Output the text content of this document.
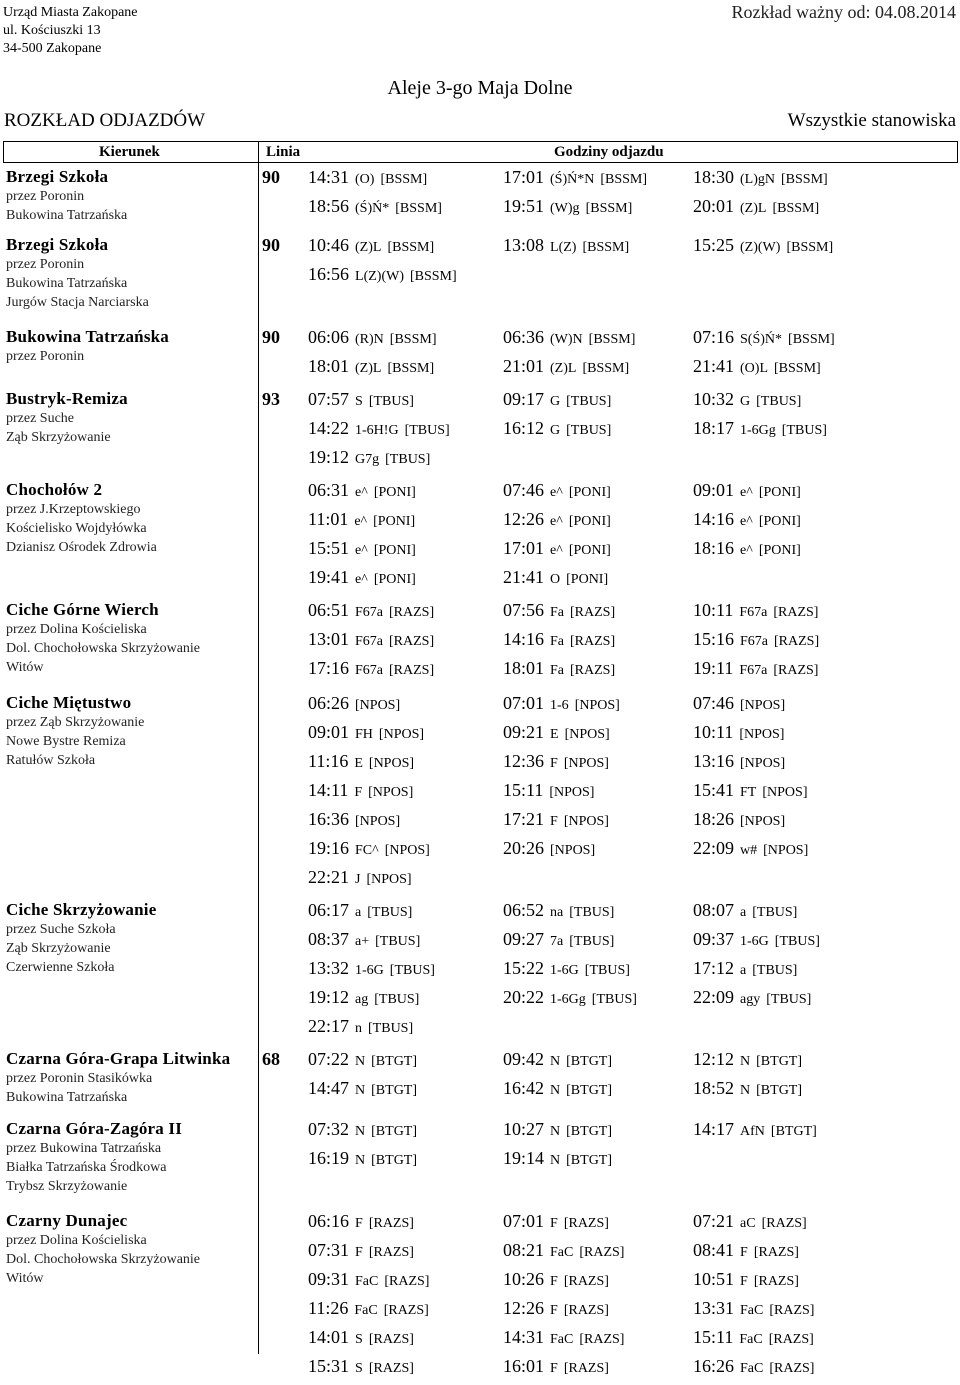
Urząd Miasta Zakopane
ul. Kościuszki 13
34-500 Zakopane
Rozkład ważny od: 04.08.2014
Aleje 3-go Maja Dolne
ROZKŁAD ODJAZDÓW	Wszystkie stanowiska
Kierunek	Linia	Godziny odjazdu
Brzegi Szkoła
przez Poronin
Bukowina Tatrzańska
90 14:31 (O) [BSSM]	17:01 (Ś)Ń*N [BSSM]	18:30 (L)gN [BSSM]
18:56 (Ś)Ń* [BSSM]	19:51 (W)g [BSSM]	20:01 (Z)L [BSSM]
Brzegi Szkoła
przez Poronin
Bukowina Tatrzańska
Jurgów Stacja Narciarska
90 10:46 (Z)L [BSSM]	13:08 L(Z) [BSSM]	15:25 (Z)(W) [BSSM]
16:56 L(Z)(W) [BSSM]
Bukowina Tatrzańska
przez Poronin
90 06:06 (R)N [BSSM]	06:36 (W)N [BSSM]	07:16 S(Ś)Ń* [BSSM]
18:01 (Z)L [BSSM]	21:01 (Z)L [BSSM]	21:41 (O)L [BSSM]
Bustryk-Remiza
przez Suche
Ząb Skrzyżowanie
93 07:57 S [TBUS]	09:17 G [TBUS]	10:32 G [TBUS]
14:22 1-6H!G [TBUS]	16:12 G [TBUS]	18:17 1-6Gg [TBUS]
19:12 G7g [TBUS]
Chochołów 2
przez J.Krzeptowskiego
Kościelisko Wojdyłówka
Dzianisz Ośrodek Zdrowia
06:31 e^ [PONI]	07:46 e^ [PONI]	09:01 e^ [PONI]
11:01 e^ [PONI]	12:26 e^ [PONI]	14:16 e^ [PONI]
15:51 e^ [PONI]	17:01 e^ [PONI]	18:16 e^ [PONI]
19:41 e^ [PONI]	21:41 O [PONI]
Ciche Górne Wierch
przez Dolina Kościeliska
Dol. Chochołowska Skrzyżowanie
Witów
06:51 F67a [RAZS]	07:56 Fa [RAZS]	10:11 F67a [RAZS]
13:01 F67a [RAZS]	14:16 Fa [RAZS]	15:16 F67a [RAZS]
17:16 F67a [RAZS]	18:01 Fa [RAZS]	19:11 F67a [RAZS]
Ciche Miętustwo
przez Ząb Skrzyżowanie
Nowe Bystre Remiza
Ratułów Szkoła
06:26 [NPOS]	07:01 1-6 [NPOS]	07:46 [NPOS]
09:01 FH [NPOS]	09:21 E [NPOS]	10:11 [NPOS]
11:16 E [NPOS]	12:36 F [NPOS]	13:16 [NPOS]
14:11 F [NPOS]	15:11 [NPOS]	15:41 FT [NPOS]
16:36 [NPOS]	17:21 F [NPOS]	18:26 [NPOS]
19:16 FC^ [NPOS]	20:26 [NPOS]	22:09 w# [NPOS]
22:21 J [NPOS]
Ciche Skrzyżowanie
przez Suche Szkoła
Ząb Skrzyżowanie
Czerwienne Szkoła
06:17 a [TBUS]	06:52 na [TBUS]	08:07 a [TBUS]
08:37 a+ [TBUS]	09:27 7a [TBUS]	09:37 1-6G [TBUS]
13:32 1-6G [TBUS]	15:22 1-6G [TBUS]	17:12 a [TBUS]
19:12 ag [TBUS]	20:22 1-6Gg [TBUS]	22:09 agy [TBUS]
22:17 n [TBUS]
Czarna Góra-Grapa Litwinka
przez Poronin Stasikówka
Bukowina Tatrzańska
68 07:22 N [BTGT]	09:42 N [BTGT]	12:12 N [BTGT]
14:47 N [BTGT]	16:42 N [BTGT]	18:52 N [BTGT]
Czarna Góra-Zagóra II
przez Bukowina Tatrzańska
Białka Tatrzańska Środkowa
Trybsz Skrzyżowanie
07:32 N [BTGT]	10:27 N [BTGT]	14:17 AfN [BTGT]
16:19 N [BTGT]	19:14 N [BTGT]
Czarny Dunajec
przez Dolina Kościeliska
Dol. Chochołowska Skrzyżowanie
Witów
06:16 F [RAZS]	07:01 F [RAZS]	07:21 aC [RAZS]
07:31 F [RAZS]	08:21 FaC [RAZS]	08:41 F [RAZS]
09:31 FaC [RAZS]	10:26 F [RAZS]	10:51 F [RAZS]
11:26 FaC [RAZS]	12:26 F [RAZS]	13:31 FaC [RAZS]
14:01 S [RAZS]	14:31 FaC [RAZS]	15:11 FaC [RAZS]
15:31 S [RAZS]	16:01 F [RAZS]	16:26 FaC [RAZS]
